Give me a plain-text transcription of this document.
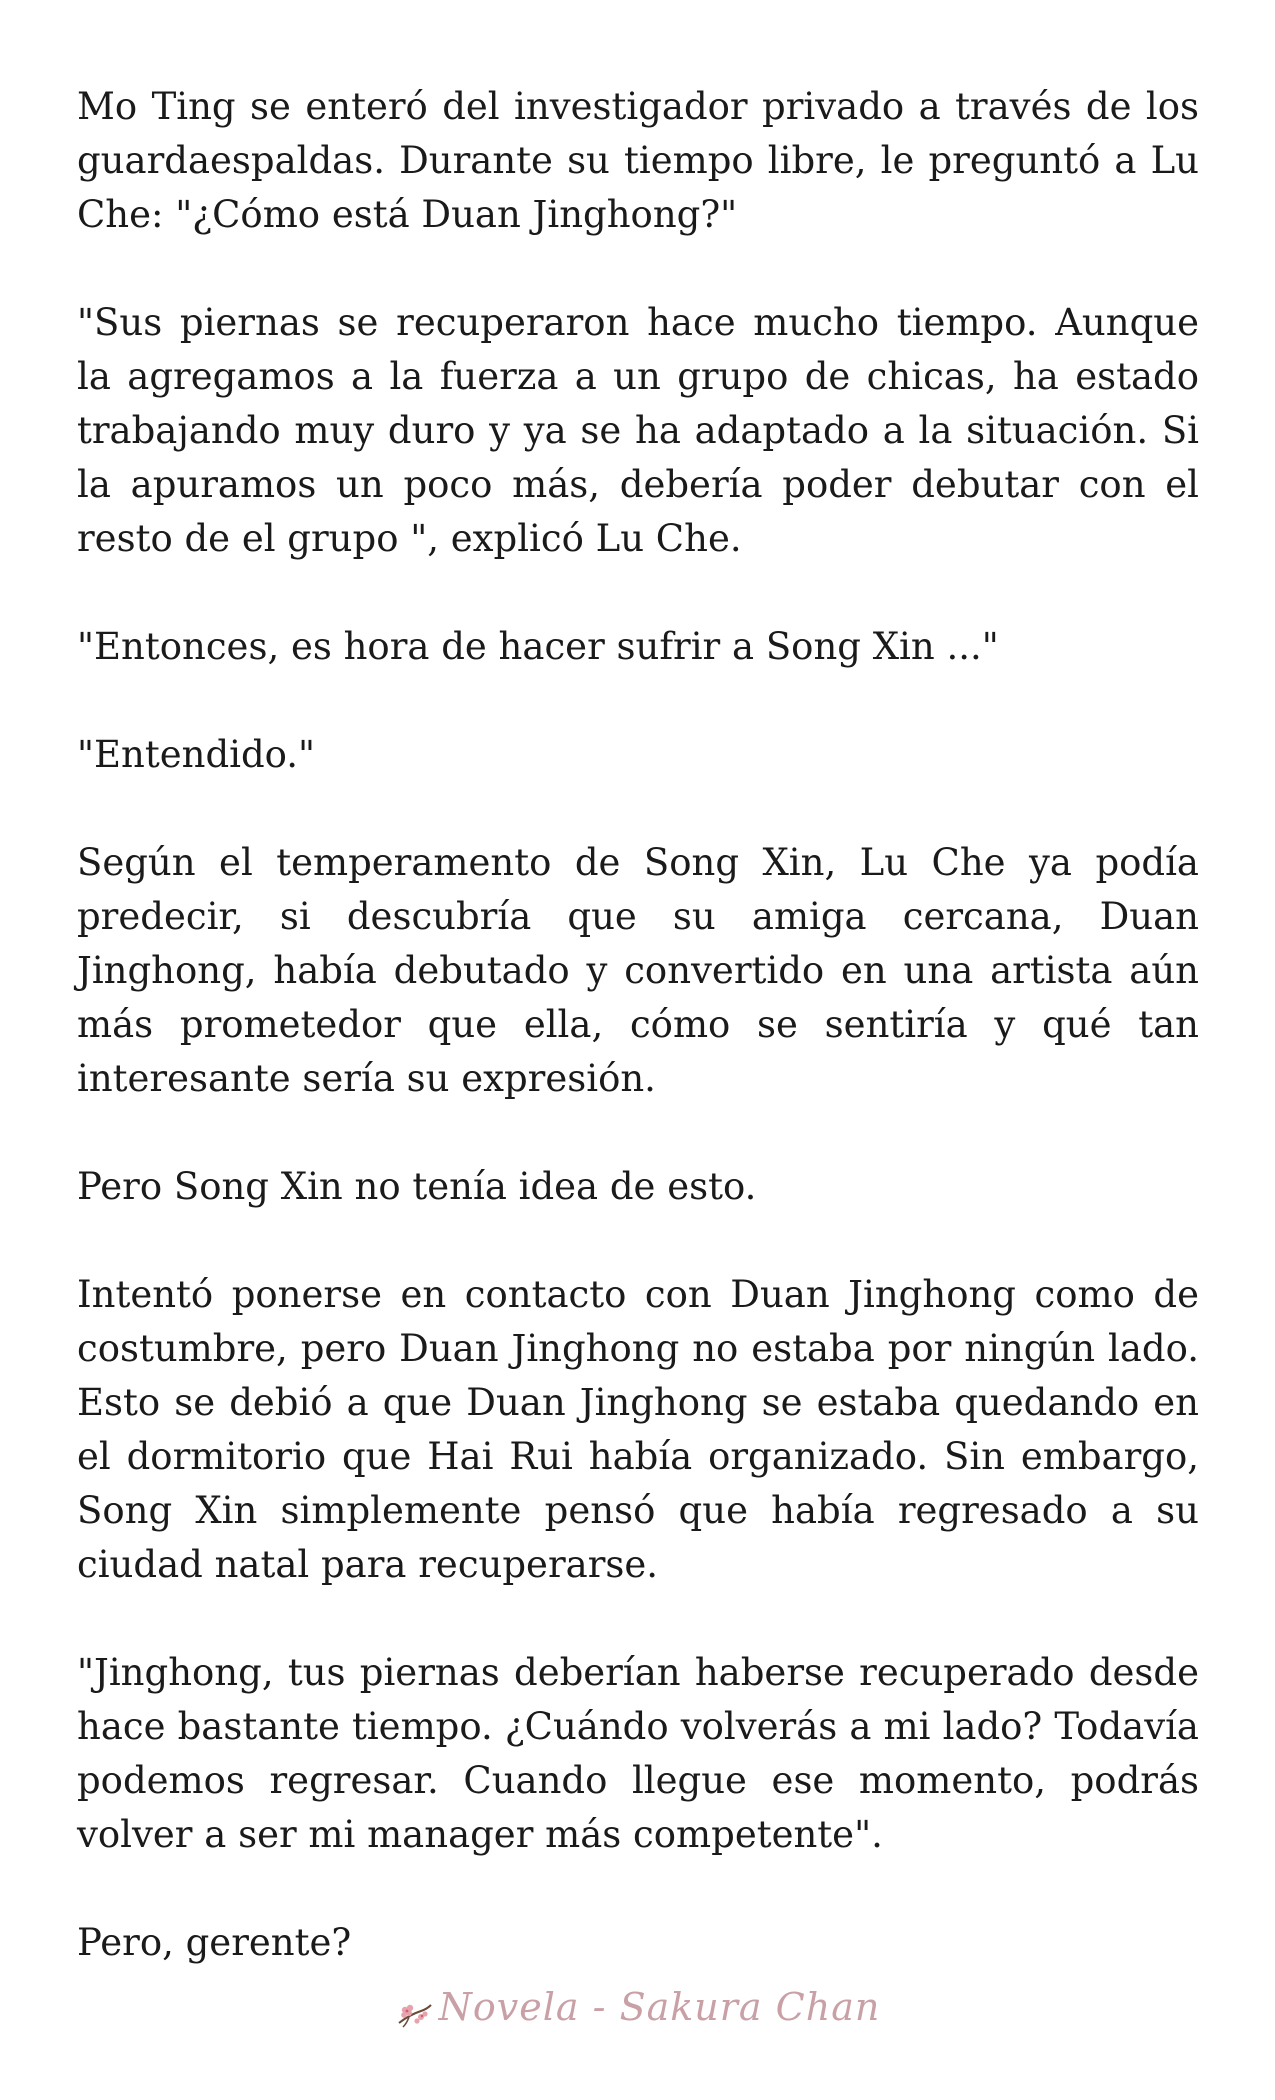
Mo Ting se enteró del investigador privado a través de los guardaespaldas. Durante su tiempo libre, le preguntó a Lu Che: "¿Cómo está Duan Jinghong?"

"Sus piernas se recuperaron hace mucho tiempo. Aunque la agregamos a la fuerza a un grupo de chicas, ha estado trabajando muy duro y ya se ha adaptado a la situación. Si la apuramos un poco más, debería poder debutar con el resto de el grupo ", explicó Lu Che.

"Entonces, es hora de hacer sufrir a Song Xin ..."

"Entendido."

Según el temperamento de Song Xin, Lu Che ya podía predecir, si descubría que su amiga cercana, Duan Jinghong, había debutado y convertido en una artista aún más prometedor que ella, cómo se sentiría y qué tan interesante sería su expresión.

Pero Song Xin no tenía idea de esto.

Intentó ponerse en contacto con Duan Jinghong como de costumbre, pero Duan Jinghong no estaba por ningún lado. Esto se debió a que Duan Jinghong se estaba quedando en el dormitorio que Hai Rui había organizado. Sin embargo, Song Xin simplemente pensó que había regresado a su ciudad natal para recuperarse.

"Jinghong, tus piernas deberían haberse recuperado desde hace bastante tiempo. ¿Cuándo volverás a mi lado? Todavía podemos regresar. Cuando llegue ese momento, podrás volver a ser mi manager más competente".

Pero, gerente?

Novela - Sakura Chan
